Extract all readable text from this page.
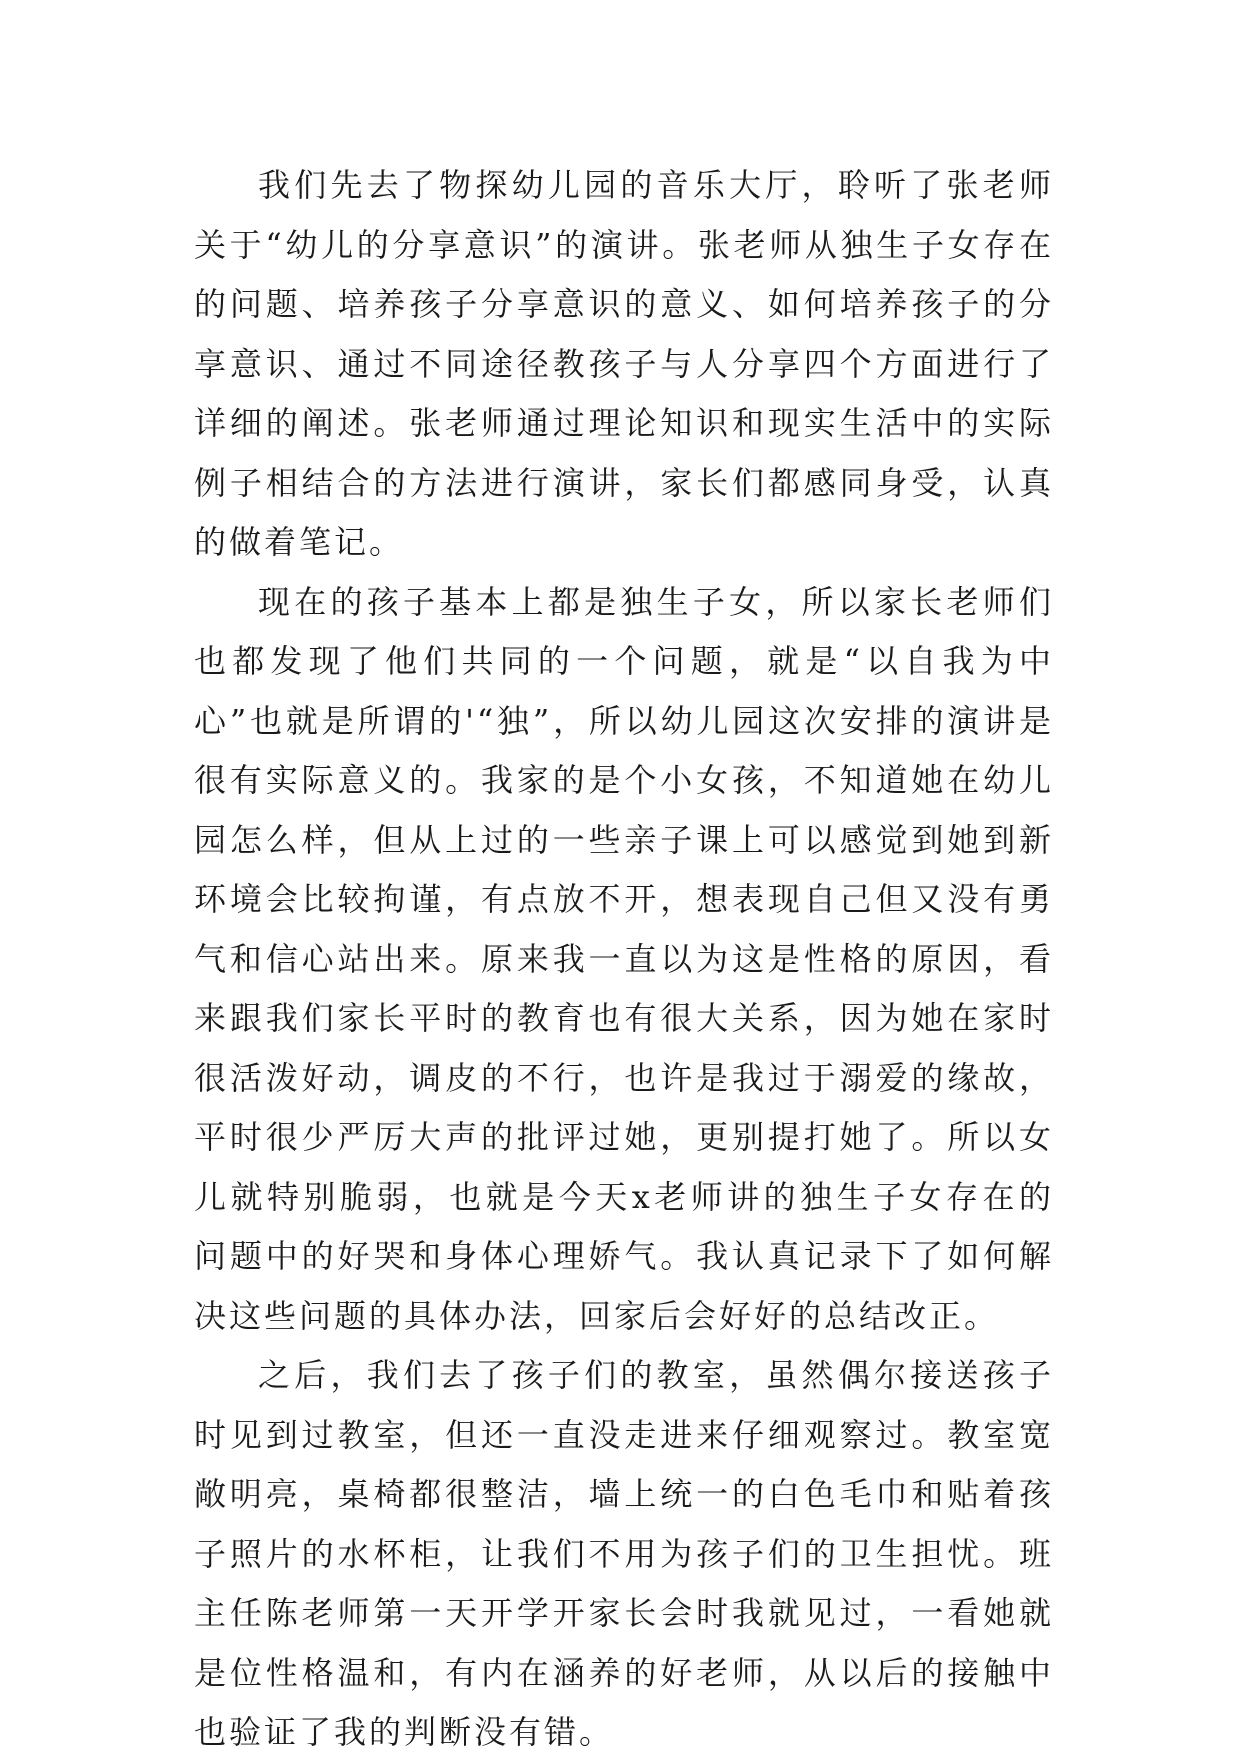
我们先去了物探幼儿园的音乐大厅，聆听了张老师关于“幼儿的分享意识”的演讲。张老师从独生子女存在的问题、培养孩子分享意识的意义、如何培养孩子的分享意识、通过不同途径教孩子与人分享四个方面进行了详细的阐述。张老师通过理论知识和现实生活中的实际例子相结合的方法进行演讲，家长们都感同身受，认真的做着笔记。

现在的孩子基本上都是独生子女，所以家长老师们也都发现了他们共同的一个问题，就是“以自我为中心”也就是所谓的'“独”，所以幼儿园这次安排的演讲是很有实际意义的。我家的是个小女孩，不知道她在幼儿园怎么样，但从上过的一些亲子课上可以感觉到她到新环境会比较拘谨，有点放不开，想表现自己但又没有勇气和信心站出来。原来我一直以为这是性格的原因，看来跟我们家长平时的教育也有很大关系，因为她在家时很活泼好动，调皮的不行，也许是我过于溺爱的缘故，平时很少严厉大声的批评过她，更别提打她了。所以女儿就特别脆弱，也就是今天x老师讲的独生子女存在的问题中的好哭和身体心理娇气。我认真记录下了如何解决这些问题的具体办法，回家后会好好的总结改正。

之后，我们去了孩子们的教室，虽然偶尔接送孩子时见到过教室，但还一直没走进来仔细观察过。教室宽敞明亮，桌椅都很整洁，墙上统一的白色毛巾和贴着孩子照片的水杯柜，让我们不用为孩子们的卫生担忧。班主任陈老师第一天开学开家长会时我就见过，一看她就是位性格温和，有内在涵养的好老师，从以后的接触中也验证了我的判断没有错。
